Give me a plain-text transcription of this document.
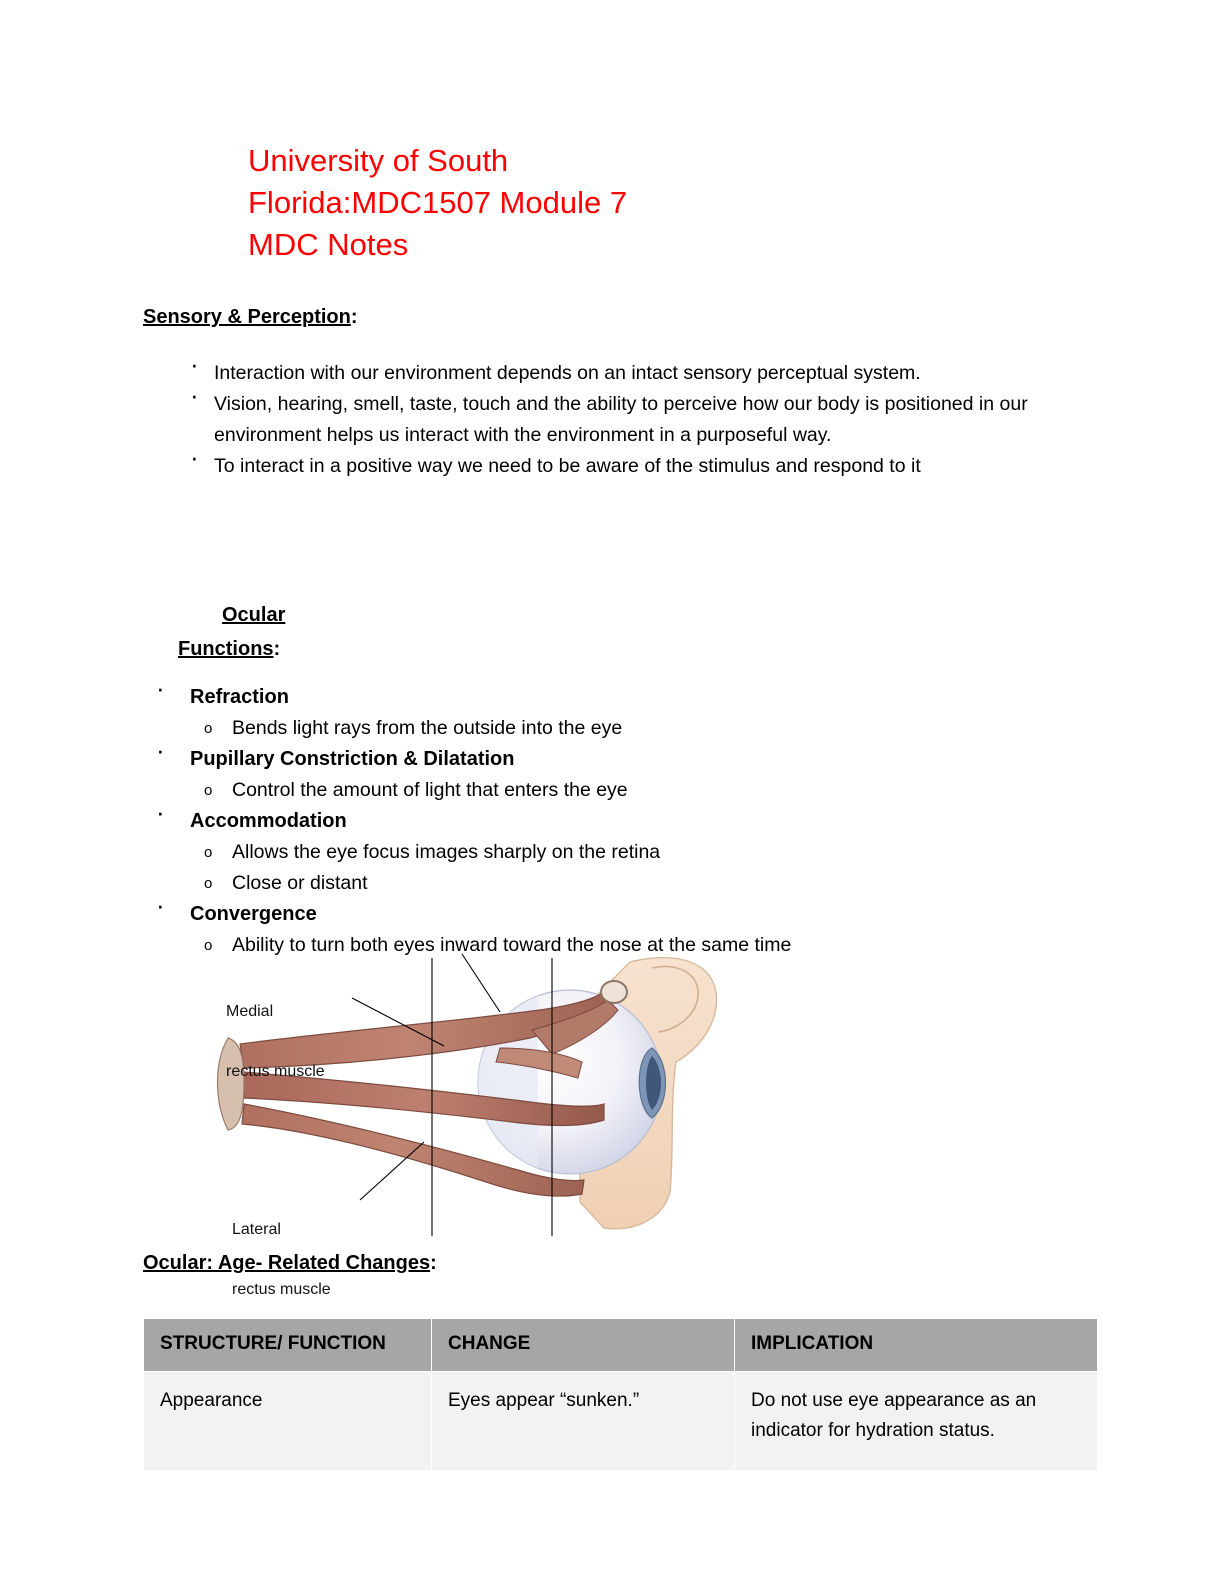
University of South
Florida:MDC1507 Module 7
MDC Notes
Sensory & Perception:
· Interaction with our environment depends on an intact sensory perceptual system.
· Vision, hearing, smell, taste, touch and the ability to perceive how our body is positioned in our environment helps us interact with the environment in a purposeful way.
· To interact in a positive way we need to be aware of the stimulus and respond to it
Ocular
Functions:
· Refraction
o Bends light rays from the outside into the eye
· Pupillary Constriction & Dilatation
o Control the amount of light that enters the eye
· Accommodation
o Allows the eye focus images sharply on the retina
o Close or distant
· Convergence
o Ability to turn both eyes inward toward the nose at the same time

Medial

rectus muscle

Lateral

rectus muscle

Ocular: Age- Related Changes:
STRUCTURE/ FUNCTION	CHANGE	IMPLICATION
Appearance	Eyes appear “sunken.”	Do not use eye appearance as an indicator for hydration status.
